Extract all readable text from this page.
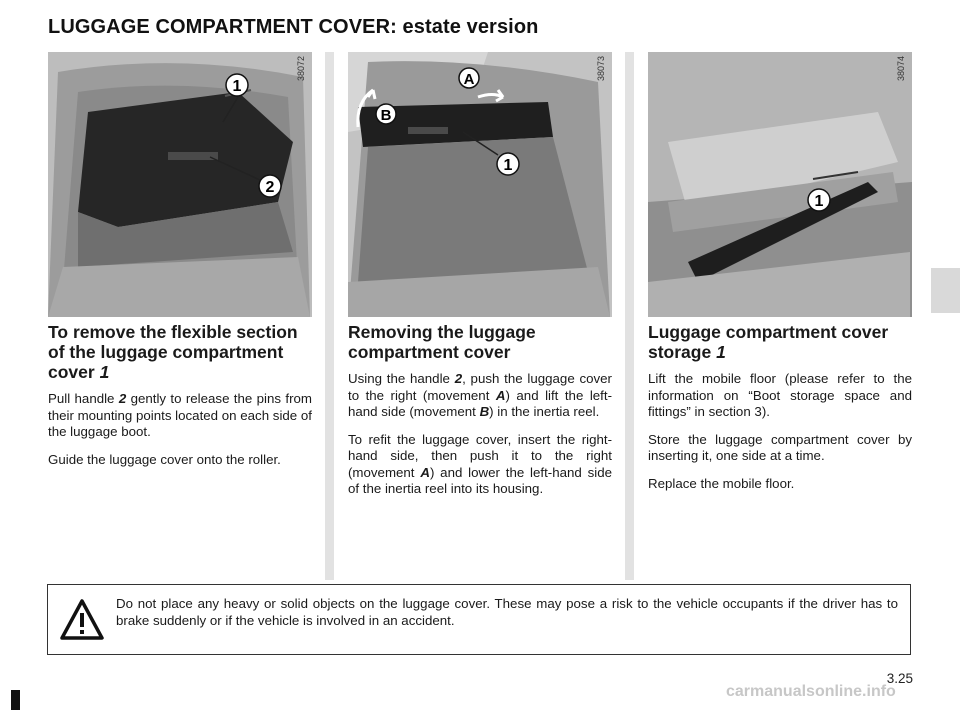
LUGGAGE COMPARTMENT COVER: estate version
1
2
38072	A
B
1
38073
1
38074
To remove the flexible section of the luggage compartment cover 1

Pull handle 2 gently to release the pins from their mounting points located on each side of the luggage boot.

Guide the luggage cover onto the roller.

Removing the luggage compartment cover

Using the handle 2, push the luggage cover to the right (movement A) and lift the left-hand side (movement B) in the inertia reel.

To refit the luggage cover, insert the right-hand side, then push it to the right (movement A) and lower the left-hand side of the inertia reel into its housing.

Luggage compartment cover storage 1

Lift the mobile floor (please refer to the information on “Boot storage space and fittings” in section 3).

Store the luggage compartment cover by inserting it, one side at a time.

Replace the mobile floor.

Do not place any heavy or solid objects on the luggage cover. These may pose a risk to the vehicle occupants if the driver has to brake suddenly or if the vehicle is involved in an accident.
3.25
carmanualsonline.info
